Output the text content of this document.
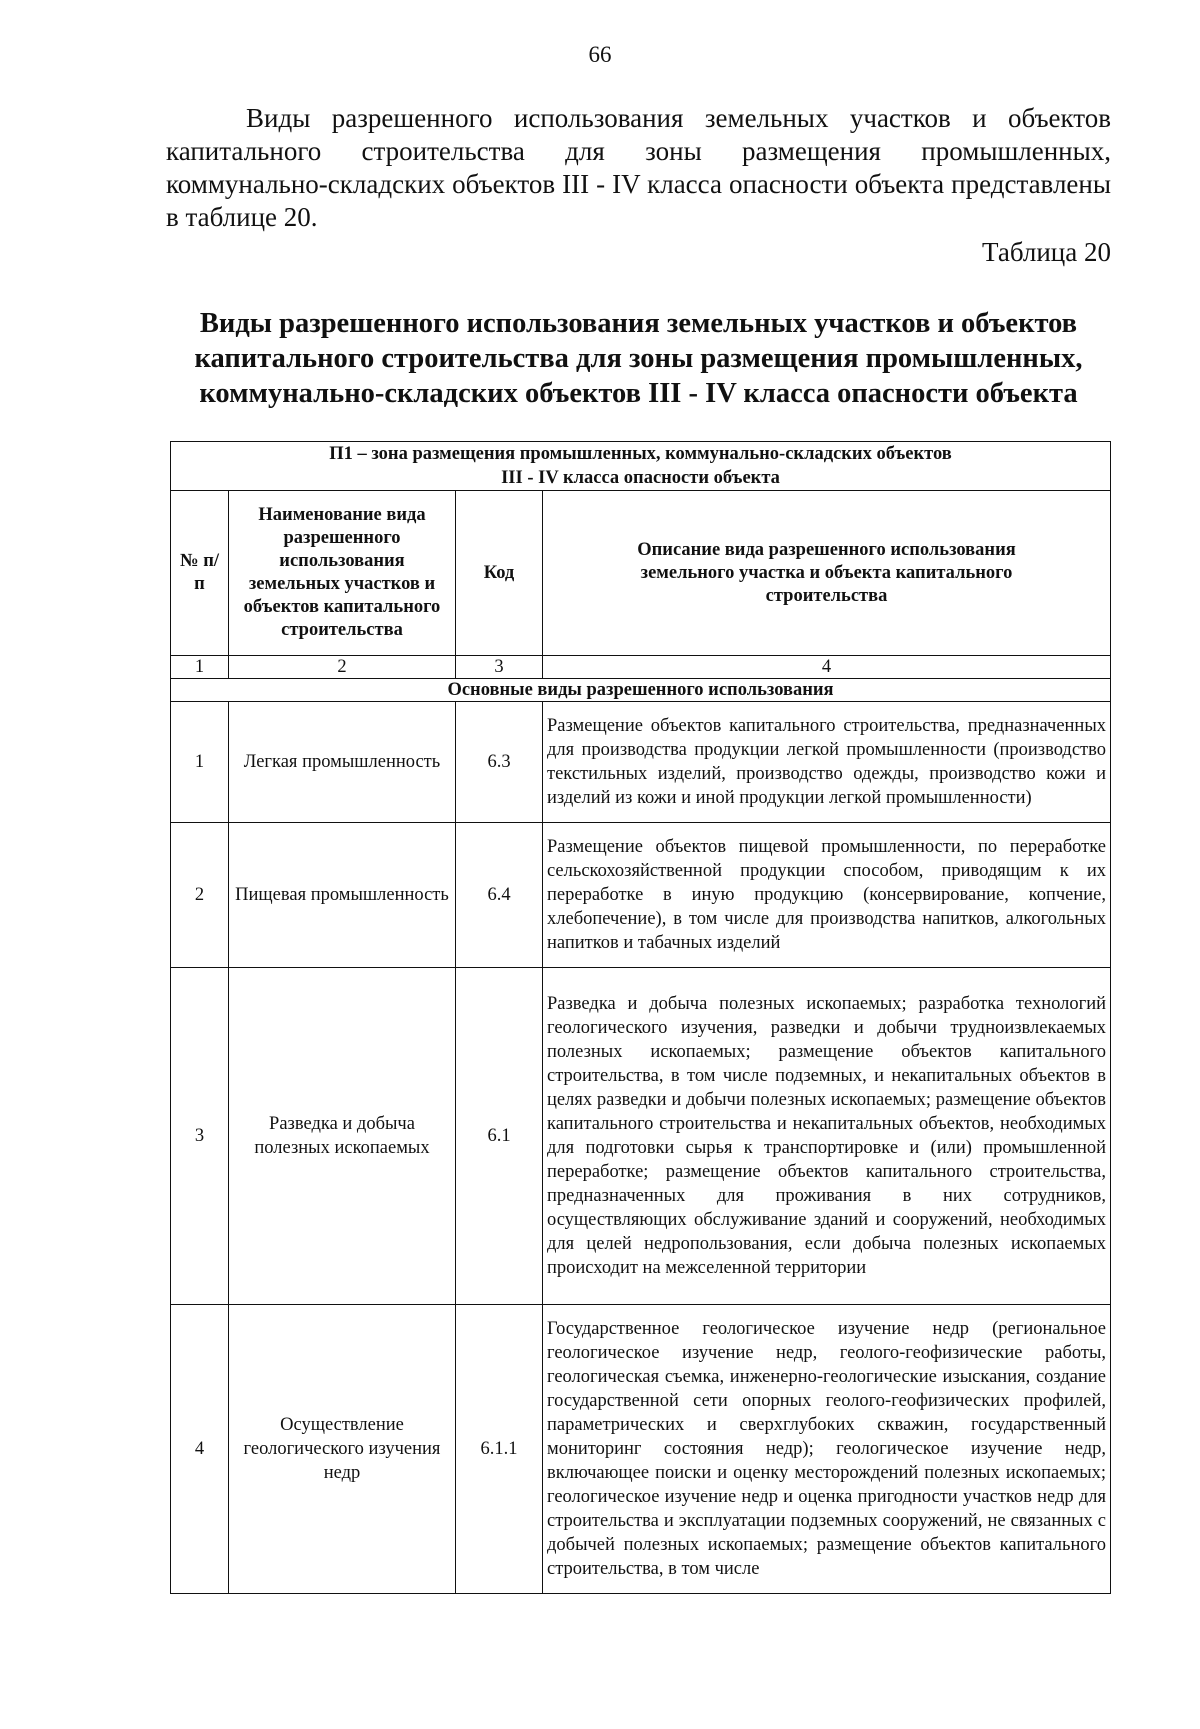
66

Виды разрешенного использования земельных участков и объектов капитального строительства для зоны размещения промышленных, коммунально-складских объектов III - IV класса опасности объекта представлены в таблице 20.

Таблица 20
Виды разрешенного использования земельных участков и объектов капитального строительства для зоны размещения промышленных, коммунально-складских объектов III - IV класса опасности объекта
П1 – зона размещения промышленных, коммунально-складских объектов
III - IV класса опасности объекта			

№ п/п	Наименование вида разрешенного использования земельных участков и объектов капитального строительства	Код	Описание вида разрешенного использования земельного участка и объекта капитального строительства
1	2	3	4
Основные виды разрешенного использования			
1	Легкая промышленность	6.3	Размещение объектов капитального строительства, предназначенных для производства продукции легкой промышленности (производство текстильных изделий, производство одежды, производство кожи и изделий из кожи и иной продукции легкой промышленности)
2	Пищевая промышленность	6.4	Размещение объектов пищевой промышленности, по переработке сельскохозяйственной продукции способом, приводящим к их переработке в иную продукцию (консервирование, копчение, хлебопечение), в том числе для производства напитков, алкогольных напитков и табачных изделий
3	Разведка и добыча полезных ископаемых	6.1	Разведка и добыча полезных ископаемых; разработка технологий геологического изучения, разведки и добычи трудноизвлекаемых полезных ископаемых; размещение объектов капитального строительства, в том числе подземных, и некапитальных объектов в целях разведки и добычи полезных ископаемых; размещение объектов капитального строительства и некапитальных объектов, необходимых для подготовки сырья к транспортировке и (или) промышленной переработке; размещение объектов капитального строительства, предназначенных для проживания в них сотрудников, осуществляющих обслуживание зданий и сооружений, необходимых для целей недропользования, если добыча полезных ископаемых происходит на межселенной территории
4	Осуществление геологического изучения недр	6.1.1	Государственное геологическое изучение недр (региональное геологическое изучение недр, геолого-геофизические работы, геологическая съемка, инженерно-геологические изыскания, создание государственной сети опорных геолого-геофизических профилей, параметрических и сверхглубоких скважин, государственный мониторинг состояния недр); геологическое изучение недр, включающее поиски и оценку месторождений полезных ископаемых; геологическое изучение недр и оценка пригодности участков недр для строительства и эксплуатации подземных сооружений, не связанных с добычей полезных ископаемых; размещение объектов капитального строительства, в том числе
